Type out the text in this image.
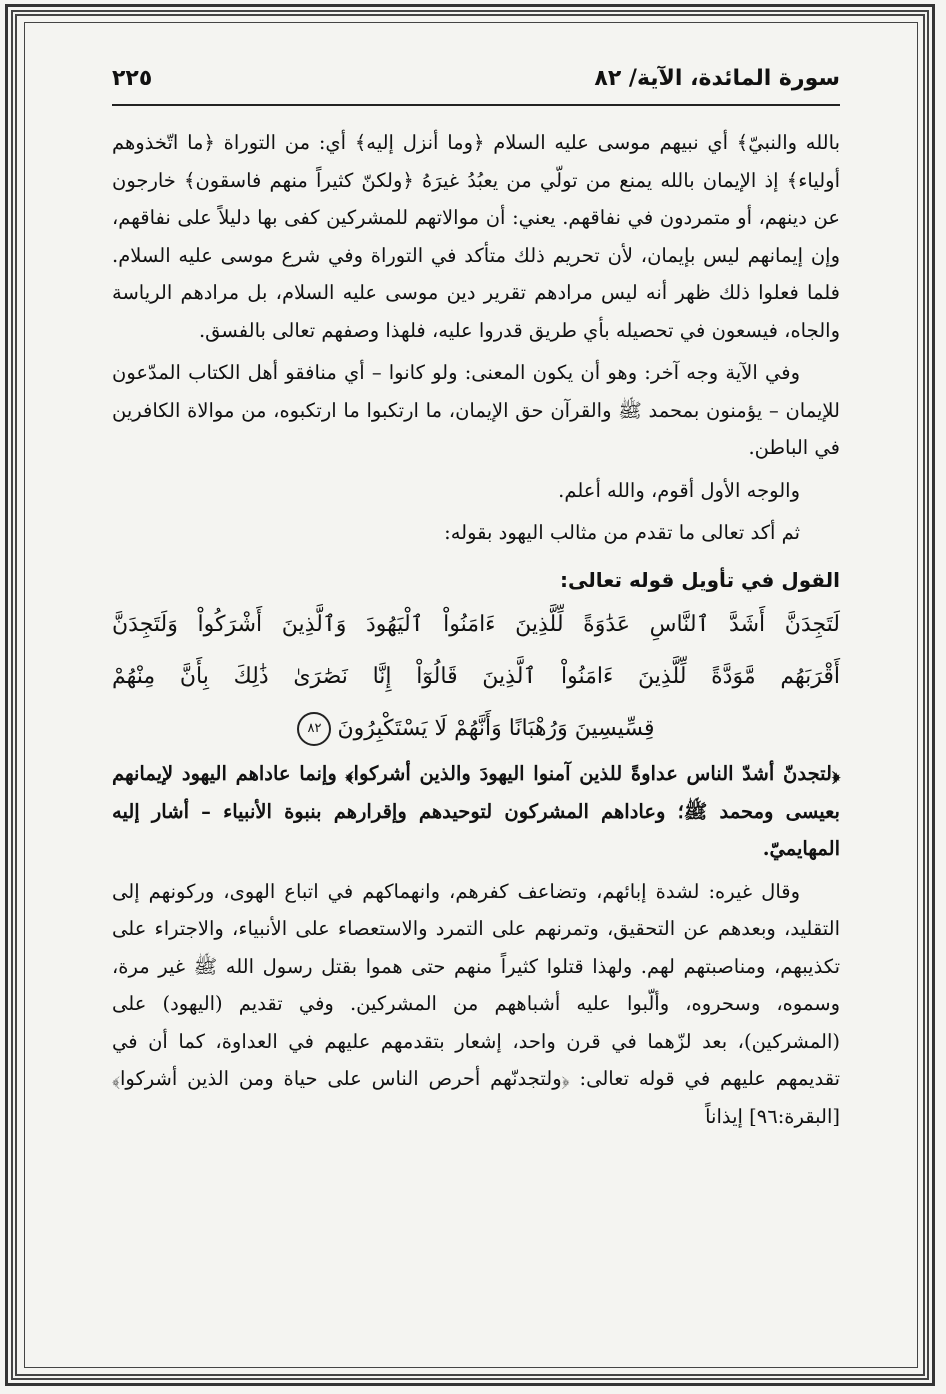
سورة المائدة، الآية/ ٨٢
٢٢٥

بالله والنبيّ﴾ أي نبيهم موسى عليه السلام ﴿وما أنزل إليه﴾ أي: من التوراة ﴿ما اتّخذوهم أولياء﴾ إذ الإيمان بالله يمنع من تولّي من يعبُدُ غيرَهُ ﴿ولكنّ كثيراً منهم فاسقون﴾ خارجون عن دينهم، أو متمردون في نفاقهم. يعني: أن موالاتهم للمشركين كفى بها دليلاً على نفاقهم، وإن إيمانهم ليس بإيمان، لأن تحريم ذلك متأكد في التوراة وفي شرع موسى عليه السلام. فلما فعلوا ذلك ظهر أنه ليس مرادهم تقرير دين موسى عليه السلام، بل مرادهم الرياسة والجاه، فيسعون في تحصيله بأي طريق قدروا عليه، فلهذا وصفهم تعالى بالفسق.

وفي الآية وجه آخر: وهو أن يكون المعنى: ولو كانوا – أي منافقو أهل الكتاب المدّعون للإيمان – يؤمنون بمحمد ﷺ والقرآن حق الإيمان، ما ارتكبوا ما ارتكبوه، من موالاة الكافرين في الباطن.

والوجه الأول أقوم، والله أعلم.

ثم أكد تعالى ما تقدم من مثالب اليهود بقوله:

القول في تأويل قوله تعالى:

لَتَجِدَنَّ أَشَدَّ ٱلنَّاسِ عَدَٰوَةً لِّلَّذِينَ ءَامَنُواْ ٱلْيَهُودَ وَٱلَّذِينَ أَشْرَكُواْ وَلَتَجِدَنَّ
أَقْرَبَهُم مَّوَدَّةً لِّلَّذِينَ ءَامَنُواْ ٱلَّذِينَ قَالُوٓاْ إِنَّا نَصَٰرَىٰ ذَٰلِكَ بِأَنَّ مِنْهُمْ
قِسِّيسِينَ وَرُهْبَانًا وَأَنَّهُمْ لَا يَسْتَكْبِرُونَ٨٢

﴿لتجدنّ أشدّ الناس عداوةً للذين آمنوا اليهودَ والذين أشركوا﴾ وإنما عاداهم اليهود لإيمانهم بعيسى ومحمد ﷺ؛ وعاداهم المشركون لتوحيدهم وإقرارهم بنبوة الأنبياء – أشار إليه المهايميّ.

وقال غيره: لشدة إبائهم، وتضاعف كفرهم، وانهماكهم في اتباع الهوى، وركونهم إلى التقليد، وبعدهم عن التحقيق، وتمرنهم على التمرد والاستعصاء على الأنبياء، والاجتراء على تكذيبهم، ومناصبتهم لهم. ولهذا قتلوا كثيراً منهم حتى هموا بقتل رسول الله ﷺ غير مرة، وسموه، وسحروه، وألّبوا عليه أشباههم من المشركين. وفي تقديم (اليهود) على (المشركين)، بعد لزّهما في قرن واحد، إشعار بتقدمهم عليهم في العداوة، كما أن في تقديمهم عليهم في قوله تعالى: ﴿ولتجدنّهم أحرص الناس على حياة ومن الذين أشركوا﴾ [البقرة:٩٦] إيذاناً
